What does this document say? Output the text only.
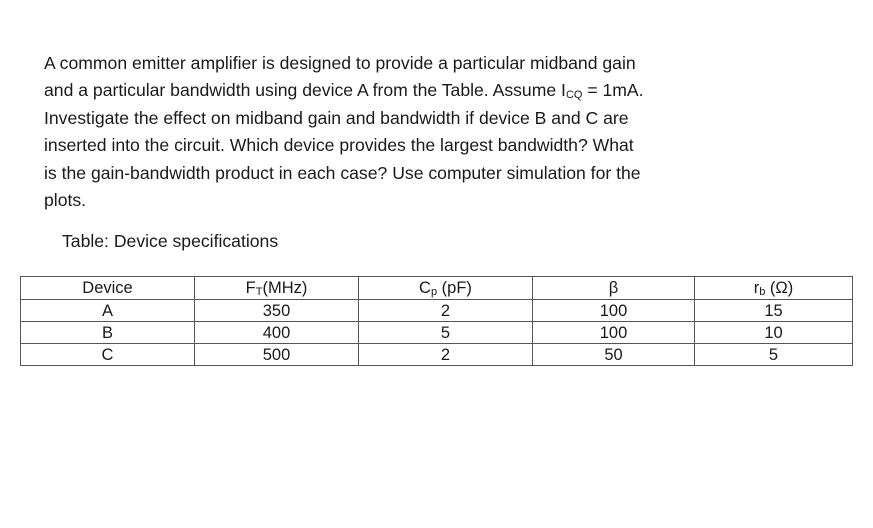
A common emitter amplifier is designed to provide a particular midband gain
and a particular bandwidth using device A from the Table. Assume $I_{CQ} = 1mA$.
Investigate the effect on midband gain and bandwidth if device B and C are
inserted into the circuit. Which device provides the largest bandwidth? What
is the gain-bandwidth product in each case? Use computer simulation for the
plots.
Table: Device specifications
Device	$F_T(MHz)$	$C_p$ (pF)	β	$r_b$ (Ω)
A	350	2	100	15
B	400	5	100	10
C	500	2	50	5
